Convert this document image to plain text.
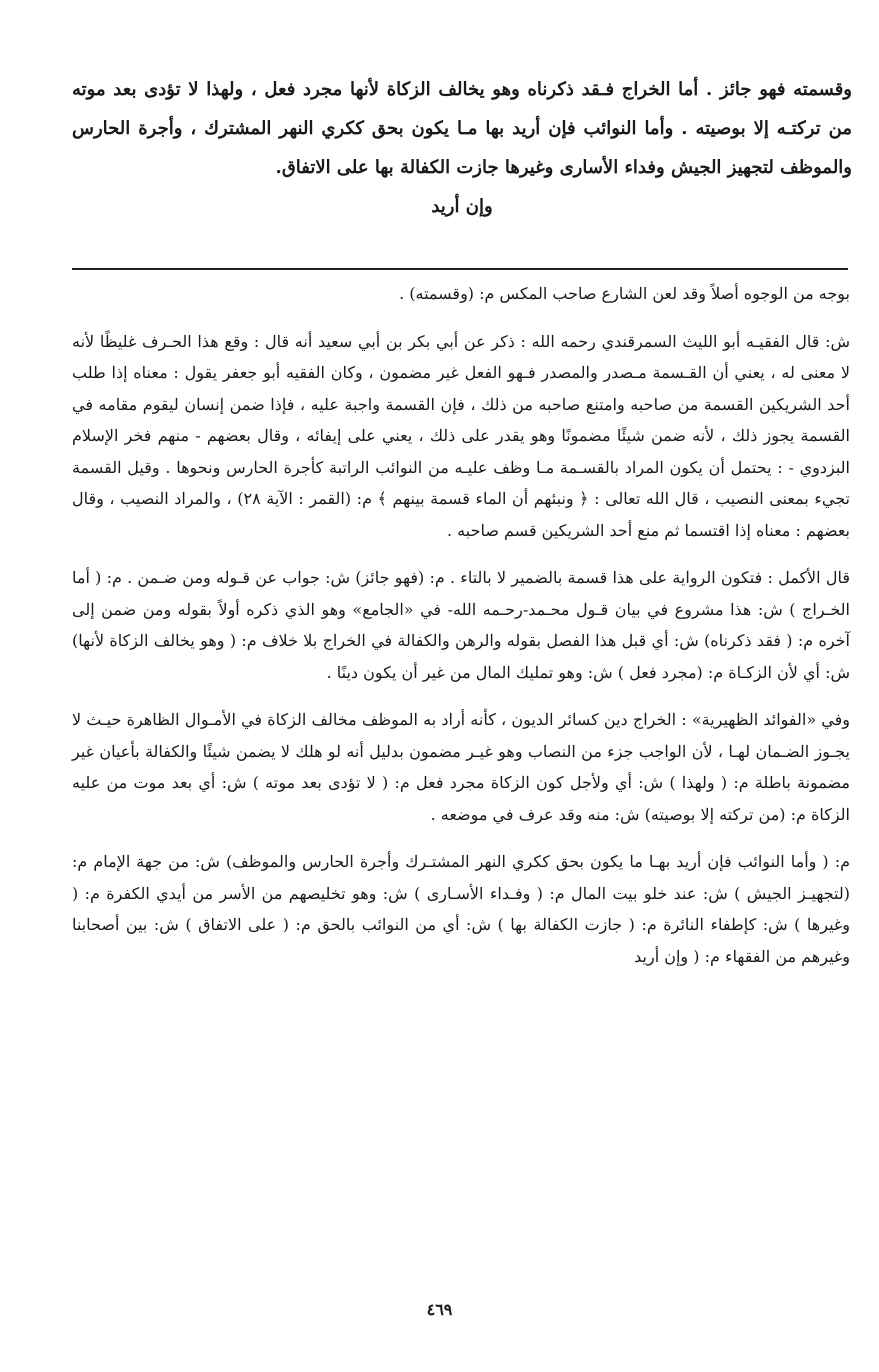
وقسمته فهو جائز . أما الخراج فـقد ذكرناه وهو يخالف الزكاة لأنها مجرد فعل ، ولهذا لا تؤدى بعد موته من تركتـه إلا بوصيته . وأما النوائب فإن أريد بها مـا يكون بحق ككري النهر المشترك ، وأجرة الحارس والموظف لتجهيز الجيش وفداء الأسارى وغيرها جازت الكفالة بها على الاتفاق.

وإن أريد

بوجه من الوجوه أصلاً وقد لعن الشارع صاحب المكس م: (وقسمته) .

ش: قال الفقيـه أبو الليث السمرقندي رحمه الله : ذكر عن أبي بكر بن أبي سعيد أنه قال : وقع هذا الحـرف غليظًا لأنه لا معنى له ، يعني أن القـسمة مـصدر والمصدر فـهو الفعل غير مضمون ، وكان الفقيه أبو جعفر يقول : معناه إذا طلب أحد الشريكين القسمة من صاحبه وامتنع صاحبه من ذلك ، فإن القسمة واجبة عليه ، فإذا ضمن إنسان ليقوم مقامه في القسمة يجوز ذلك ، لأنه ضمن شيئًا مضمونًا وهو يقدر على ذلك ، يعني على إيفائه ، وقال بعضهم - منهم فخر الإسلام البزدوي - : يحتمل أن يكون المراد بالقسـمة مـا وظف عليـه من النوائب الراتبة كأجرة الحارس ونحوها . وقيل القسمة تجيء بمعنى النصيب ، قال الله تعالى : ﴿ ونبئهم أن الماء قسمة بينهم ﴾ م: (القمر : الآية ٢٨) ، والمراد النصيب ، وقال بعضهم : معناه إذا اقتسما ثم منع أحد الشريكين قسم صاحبه .

قال الأكمل : فتكون الرواية على هذا قسمة بالضمير لا بالتاء . م: (فهو جائز) ش: جواب عن قـوله ومن ضـمن . م: ( أما الخـراج ) ش: هذا مشروع في بيان قـول محـمد-رحـمه الله- في «الجامع» وهو الذي ذكره أولاً بقوله ومن ضمن إلى آخره م: ( فقد ذكرناه) ش: أي قبل هذا الفصل بقوله والرهن والكفالة في الخراج بلا خلاف م: ( وهو يخالف الزكاة لأنها) ش: أي لأن الزكـاة م: (مجرد فعل ) ش: وهو تمليك المال من غير أن يكون دينًا .

وفي «الفوائد الظهيرية» : الخراج دين كسائر الديون ، كأنه أراد به الموظف مخالف الزكاة في الأمـوال الظاهرة حيـث لا يجـوز الضـمان لهـا ، لأن الواجب جزء من النصاب وهو غيـر مضمون بدليل أنه لو هلك لا يضمن شيئًا والكفالة بأعيان غير مضمونة باطلة م: ( ولهذا ) ش: أي ولأجل كون الزكاة مجرد فعل م: ( لا تؤدى بعد موته ) ش: أي بعد موت من عليه الزكاة م: (من تركته إلا بوصيته) ش: منه وقد عرف في موضعه .

م: ( وأما النوائب فإن أريد بهـا ما يكون بحق ككري النهر المشتـرك وأجرة الحارس والموظف) ش: من جهة الإمام م: (لتجهيـز الجيش ) ش: عند خلو بيت المال م: ( وفـداء الأسـارى ) ش: وهو تخليصهم من الأسر من أيدي الكفرة م: ( وغيرها ) ش: كإطفاء النائرة م: ( جازت الكفالة بها ) ش: أي من النوائب بالحق م: ( على الاتفاق ) ش: بين أصحابنا وغيرهم من الفقهاء م: ( وإن أريد

٤٦٩
